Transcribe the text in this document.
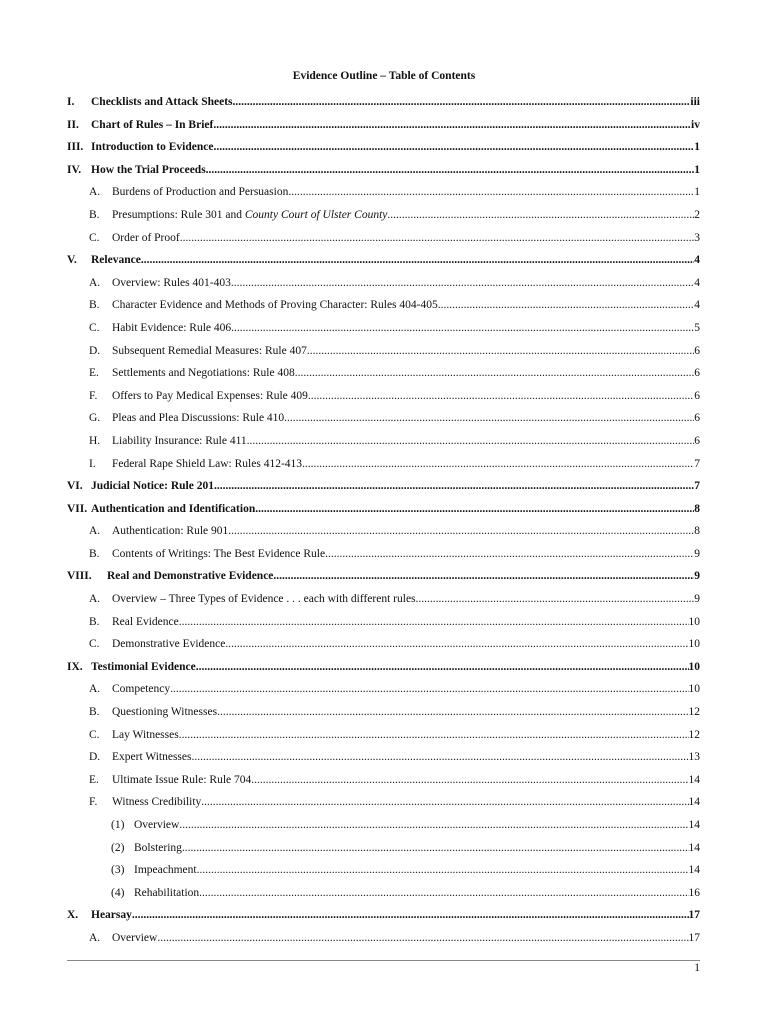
Evidence Outline – Table of Contents
I. Checklists and Attack Sheets .....	iii
II. Chart of Rules – In Brief .....	iv
III. Introduction to Evidence .....	1
IV. How the Trial Proceeds .....	1
A. Burdens of Production and Persuasion .....	1
B. Presumptions: Rule 301 and County Court of Ulster County .....	2
C. Order of Proof .....	3
V. Relevance .....	4
A. Overview: Rules 401-403 .....	4
B. Character Evidence and Methods of Proving Character: Rules 404-405 .....	4
C. Habit Evidence: Rule 406 .....	5
D. Subsequent Remedial Measures: Rule 407 .....	6
E. Settlements and Negotiations: Rule 408 .....	6
F. Offers to Pay Medical Expenses: Rule 409 .....	6
G. Pleas and Plea Discussions: Rule 410 .....	6
H. Liability Insurance: Rule 411 .....	6
I. Federal Rape Shield Law: Rules 412-413 .....	7
VI. Judicial Notice: Rule 201 .....	7
VII. Authentication and Identification .....	8
A. Authentication: Rule 901 .....	8
B. Contents of Writings: The Best Evidence Rule .....	9
VIII. Real and Demonstrative Evidence .....	9
A. Overview – Three Types of Evidence . . . each with different rules .....	9
B. Real Evidence .....	10
C. Demonstrative Evidence .....	10
IX. Testimonial Evidence .....	10
A. Competency .....	10
B. Questioning Witnesses .....	12
C. Lay Witnesses .....	12
D. Expert Witnesses .....	13
E. Ultimate Issue Rule: Rule 704 .....	14
F. Witness Credibility .....	14
(1) Overview .....	14
(2) Bolstering .....	14
(3) Impeachment .....	14
(4) Rehabilitation .....	16
X. Hearsay .....	17
A. Overview .....	17
1
